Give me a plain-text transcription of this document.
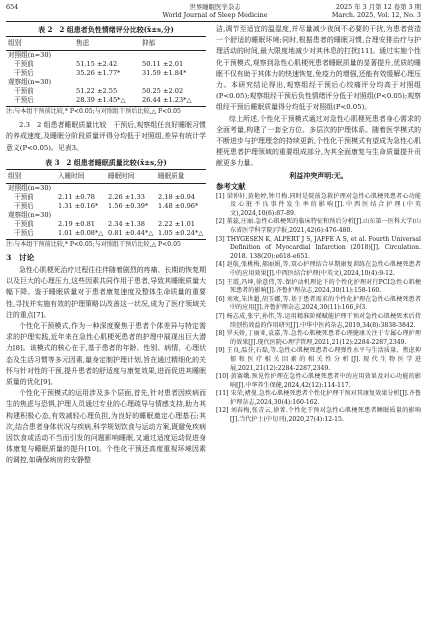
654	世界睡眠医学杂志
World Journal of Sleep Medicine
2025 年 3 月第 12 卷第 3 期
March. 2025, Vol. 12, No. 3
表 2　2 组患者负性情绪评分比较(x̄±s,分)
组别	焦虑	抑郁
对照组(n=30)		
干预前	51.15 ±2.42	50.11 ±2.01
干预后	35.26 ±1.77*	31.59 ±1.84*
观察组(n=30)		
干预前	51.22 ±2.55	50.25 ±2.02
干预后	28.39 ±1.45*△	26.44 ±1.23*△
注:与本组干预前比较,* P<0.05;与对照组干预后比较,△ P<0.05

2.3　2 组患者睡眠质量比较　干预后,观察组任良好睡眠习惯的养成速度,及睡眠分阶段质量评得分均低于对照组,差异有统计学意义(P<0.05)。见表3。

表 3　2 组患者睡眠质量比较(x̄±s,分)
组别	入睡时间	睡眠时间	睡眠质量
对照组(n=30)			
干预前	2.11 ±0.78	2.26 ±1.33	2.18 ±0.94
干预后	1.31 ±0.16*	1.56 ±0.39*	1.48 ±0.96*
观察组(n=30)			
干预前	2.19 ±0.81	2.34 ±1.38	2.22 ±1.01
干预后	1.01 ±0.08*△	0.81 ±0.44*△	1.05 ±0.24*△
注:与本组干预前比较,* P<0.05;与对照组干预后比较,△ P<0.05
3　讨论

急性心肌梗死治疗过程往往伴随着剧烈的疼痛、长期的恢复期以及巨大的心理压力,这些因素共同作用于患者,导致其睡眠质量大幅下降。鉴于睡眠质量对于患者康复速度及整体生命质量的重要性,寻找并实施有效的护理策略以改善这一状况,成为了医疗领域关注的重点[7]。

个性化干预模式,作为一种深度聚焦于患者个体差异与特定需求的护理实践,近年来在急性心肌梗死患者的护理中展现出巨大潜力[8]。该模式的核心在于,基于患者的年龄、性别、病情、心理状态及生活习惯等多元因素,量身定制护理计划,旨在通过精细化的关怀与针对性的干预,提升患者的舒适度与康复效果,进而促进其睡眠质量的优化[9]。

个性化干预模式的运用涉及多个层面,首先,针对患者因疾病而生的焦虑与恐惧,护理人员通过专业的心理疏导与情感支持,助力其构建积极心态,有效减轻心理负担,为良好的睡眠奠定心理基石;其次,结合患者身体状况与疾病,科学规划饮食与运动方案,既避免疾病因饮食或活动不当而引发的问题影响睡眠,又通过适度运动促进身体康复与睡眠质量的提升[10]。个性化干预还高度重视环境因素的调控,如确保病房的安静整

洁,调节至适宜的温湿度,并尽量减少夜间不必要的干扰,为患者营造一个舒适的睡眠环境;同时,根据患者的睡眠习惯,合理安排治疗与护理活动的时间,最大限度地减少对其休息的打扰[11]。通过实施个性化干预模式,观察到急性心肌梗死患者睡眠质量的显著提升,优质的睡眠不仅有助于其体力的快速恢复,免疫力的增强,还能有效缓解心理压力。本研究结论得出,观察组经干预后心绞痛评分均高于对照组(P<0.05);观察组经干预后负性情绪评分低于对照组(P<0.05);观察组经干预后睡眠质量得分均低于对照组(P<0.05)。

综上所述,个性化干预模式通过对急性心肌梗死患者身心需求的全面考量,构建了一套全方位、多层次的护理体系。随着医学模式的不断进步与护理理念的持续更新,个性化干预模式有望成为急性心肌梗死患者护理领域的重要组成部分,为其全面康复与生命质量提升贡献更多力量。

利益冲突声明:无。
参考文献
[1] 梁仲轩,黄艳婷,钟月梅.同时是院前急救护理对急性心肌梗死患者心功能及心脏不良事件发生率的影响[J].中西医结合护理(中英文),2024,10(6):87-89.
[2] 董蕊,庄丽.急性心肌梗死的临床特征和预后分析[J].山东第一医科大学(山东省医学科学院)学报,2021,42(6):476-480.
[3] THYGESEN K, ALPERT J S, JAFFE A S, et al. Fourth Universal Definition of Myocardial Infarction (2018)[J]. Circulation. 2018. 138(20):e618-e651.
[4] 赵航,张桃梅,郝丽娟,等.双心护理结合早期康复训练在急性心肌梗死患者中的应用效果[J].中西医结合护理(中英文),2024,10(4):9-12.
[5] 王霞,冯坤,徐意伟,等.保护动机理论下的个性化护理对行PCI急性心肌梗死患者的影响[J].齐鲁护理杂志,2024,30(11):158-160.
[6] 刘欢,朱世超,胡玉娜,等.基于患者需求的个性化护理在急性心肌梗死患者中的应用[J].齐鲁护理杂志,2024,30(11):166,封3.
[7] 杨志成,张宁,孙伟,等.运用精准阶梯赋能护理干预对急性心肌梗死术后持续创伤效益的作用研究[J].中华中医药杂志,2019,34(8):3838-3842.
[8] 罗天娇,丁丽亚,袁嘉,等.急性心肌梗死患者心理健康关注于专属心理护理的效果[J].现代医院心理学管理,2021,21(12):2284-2287,2349.
[9] 王良,温芬,石磊,等.急性心肌梗死患者心理弹性水平与生活质量、焦虑抑郁和医疗相关因素的相关性分析[J].现代生物医学进展,2021,21(12):2284-2287,2349.
[10] 黄赛娥.预见性护理在急性心肌梗死患者中的应用效果及对心功能的影响[J].中华养生保健,2024,42(12):114-117.
[11] 宋荣,褚曼.急性心肌梗死患者个性化护理干预对其康复效果分析[J].齐鲁护理杂志,2024,30(4):160-162.
[12] 刘春梅,张青云,徐菁.个性化干预对急性心肌梗死患者睡眠质量的影响[J].当代护士(中旬刊),2020,27(4):12-15.
